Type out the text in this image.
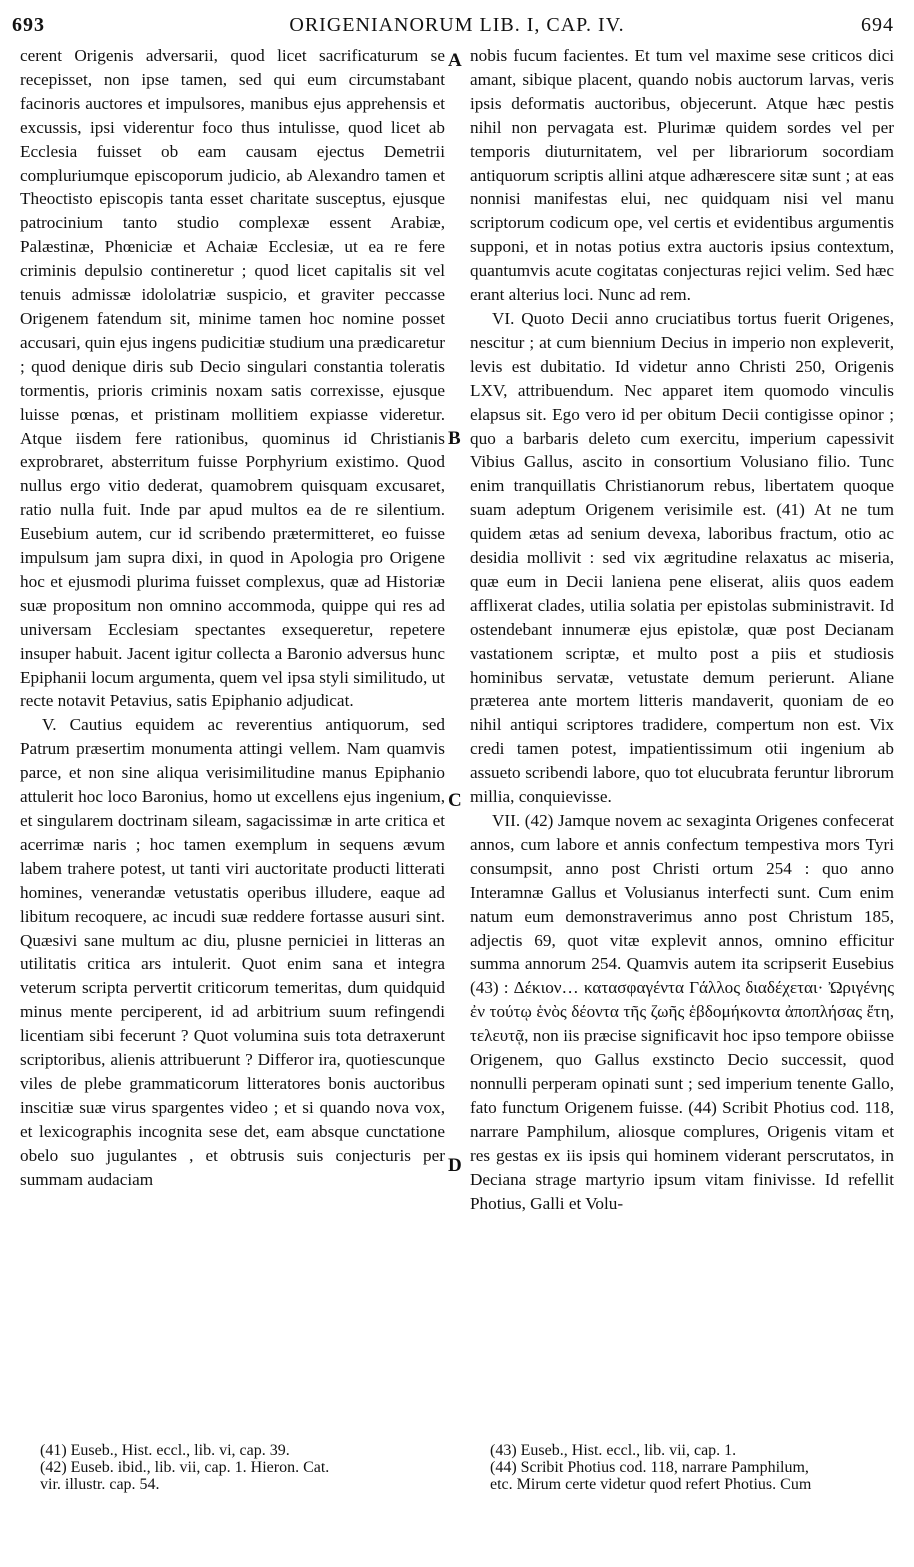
693	ORIGENIANORUM LIB. I, CAP. IV.	694

cerent Origenis adversarii, quod licet sacrificaturum se recepisset, non ipse tamen, sed qui eum circumstabant facinoris auctores et impulsores, manibus ejus apprehensis et excussis, ipsi viderentur foco thus intulisse, quod licet ab Ecclesia fuisset ob eam causam ejectus Demetrii compluriumque episcoporum judicio, ab Alexandro tamen et Theoctisto episcopis tanta esset charitate susceptus, ejusque patrocinium tanto studio complexæ essent Arabiæ, Palæstinæ, Phœniciæ et Achaiæ Ecclesiæ, ut ea re fere criminis depulsio contineretur ; quod licet capitalis sit vel tenuis admissæ idololatriæ suspicio, et graviter peccasse Origenem fatendum sit, minime tamen hoc nomine posset accusari, quin ejus ingens pudicitiæ studium una prædicaretur ; quod denique diris sub Decio singulari constantia toleratis tormentis, prioris criminis noxam satis correxisse, ejusque luisse pœnas, et pristinam mollitiem expiasse videretur. Atque iisdem fere rationibus, quominus id Christianis exprobraret, absterritum fuisse Porphyrium existimo. Quod nullus ergo vitio dederat, quamobrem quisquam excusaret, ratio nulla fuit. Inde par apud multos ea de re silentium. Eusebium autem, cur id scribendo prætermitteret, eo fuisse impulsum jam supra dixi, in quod in Apologia pro Origene hoc et ejusmodi plurima fuisset complexus, quæ ad Historiæ suæ propositum non omnino accommoda, quippe qui res ad universam Ecclesiam spectantes exsequeretur, repetere insuper habuit. Jacent igitur collecta a Baronio adversus hunc Epiphanii locum argumenta, quem vel ipsa styli similitudo, ut recte notavit Petavius, satis Epiphanio adjudicat.

V. Cautius equidem ac reverentius antiquorum, sed Patrum præsertim monumenta attingi vellem. Nam quamvis parce, et non sine aliqua verisimilitudine manus Epiphanio attulerit hoc loco Baronius, homo ut excellens ejus ingenium, et singularem doctrinam sileam, sagacissimæ in arte critica et acerrimæ naris ; hoc tamen exemplum in sequens ævum labem trahere potest, ut tanti viri auctoritate producti litterati homines, venerandæ vetustatis operibus illudere, eaque ad libitum recoquere, ac incudi suæ reddere fortasse ausuri sint. Quæsivi sane multum ac diu, plusne perniciei in litteras an utilitatis critica ars intulerit. Quot enim sana et integra veterum scripta pervertit criticorum temeritas, dum quidquid minus mente perciperent, id ad arbitrium suum refingendi licentiam sibi fecerunt ? Quot volumina suis tota detraxerunt scriptoribus, alienis attribuerunt ? Differor ira, quotiescunque viles de plebe grammaticorum litteratores bonis auctoribus inscitiæ suæ virus spargentes video ; et si quando nova vox, et lexicographis incognita sese det, eam absque cunctatione obelo suo jugulantes , et obtrusis suis conjecturis per summam audaciam

nobis fucum facientes. Et tum vel maxime sese criticos dici amant, sibique placent, quando nobis auctorum larvas, veris ipsis deformatis auctoribus, objecerunt. Atque hæc pestis nihil non pervagata est. Plurimæ quidem sordes vel per temporis diuturnitatem, vel per librariorum socordiam antiquorum scriptis allini atque adhærescere sitæ sunt ; at eas nonnisi manifestas elui, nec quidquam nisi vel manu scriptorum codicum ope, vel certis et evidentibus argumentis supponi, et in notas potius extra auctoris ipsius contextum, quantumvis acute cogitatas conjecturas rejici velim. Sed hæc erant alterius loci. Nunc ad rem.

VI. Quoto Decii anno cruciatibus tortus fuerit Origenes, nescitur ; at cum biennium Decius in imperio non expleverit, levis est dubitatio. Id videtur anno Christi 250, Origenis LXV, attribuendum. Nec apparet item quomodo vinculis elapsus sit. Ego vero id per obitum Decii contigisse opinor ; quo a barbaris deleto cum exercitu, imperium capessivit Vibius Gallus, ascito in consortium Volusiano filio. Tunc enim tranquillatis Christianorum rebus, libertatem quoque suam adeptum Origenem verisimile est. (41) At ne tum quidem ætas ad senium devexa, laboribus fractum, otio ac desidia mollivit : sed vix ægritudine relaxatus ac miseria, quæ eum in Decii laniena pene eliserat, aliis quos eadem afflixerat clades, utilia solatia per epistolas subministravit. Id ostendebant innumeræ ejus epistolæ, quæ post Decianam vastationem scriptæ, et multo post a piis et studiosis hominibus servatæ, vetustate demum perierunt. Aliane præterea ante mortem litteris mandaverit, quoniam de eo nihil antiqui scriptores tradidere, compertum non est. Vix credi tamen potest, impatientissimum otii ingenium ab assueto scribendi labore, quo tot elucubrata feruntur librorum millia, conquievisse.

VII. (42) Jamque novem ac sexaginta Origenes confecerat annos, cum labore et annis confectum tempestiva mors Tyri consumpsit, anno post Christi ortum 254 : quo anno Interamnæ Gallus et Volusianus interfecti sunt. Cum enim natum eum demonstraverimus anno post Christum 185, adjectis 69, quot vitæ explevit annos, omnino efficitur summa annorum 254. Quamvis autem ita scripserit Eusebius (43) : Δέκιον… κατασφαγέντα Γάλλος διαδέχεται· Ὠριγένης ἐν τούτῳ ἑνὸς δέοντα τῆς ζωῆς ἑβδομήκοντα ἀποπλήσας ἔτη, τελευτᾷ, non iis præcise significavit hoc ipso tempore obiisse Origenem, quo Gallus exstincto Decio successit, quod nonnulli perperam opinati sunt ; sed imperium tenente Gallo, fato functum Origenem fuisse. (44) Scribit Photius cod. 118, narrare Pamphilum, aliosque complures, Origenis vitam et res gestas ex iis ipsis qui hominem viderant perscrutatos, in Deciana strage martyrio ipsum vitam finivisse. Id refellit Photius, Galli et Volu-

A
B
C
D
(41) Euseb., Hist. eccl., lib. vi, cap. 39.
(42) Euseb. ibid., lib. vii, cap. 1. Hieron. Cat.
vir. illustr. cap. 54.
(43) Euseb., Hist. eccl., lib. vii, cap. 1.
(44) Scribit Photius cod. 118, narrare Pamphilum,
etc. Mirum certe videtur quod refert Photius. Cum
